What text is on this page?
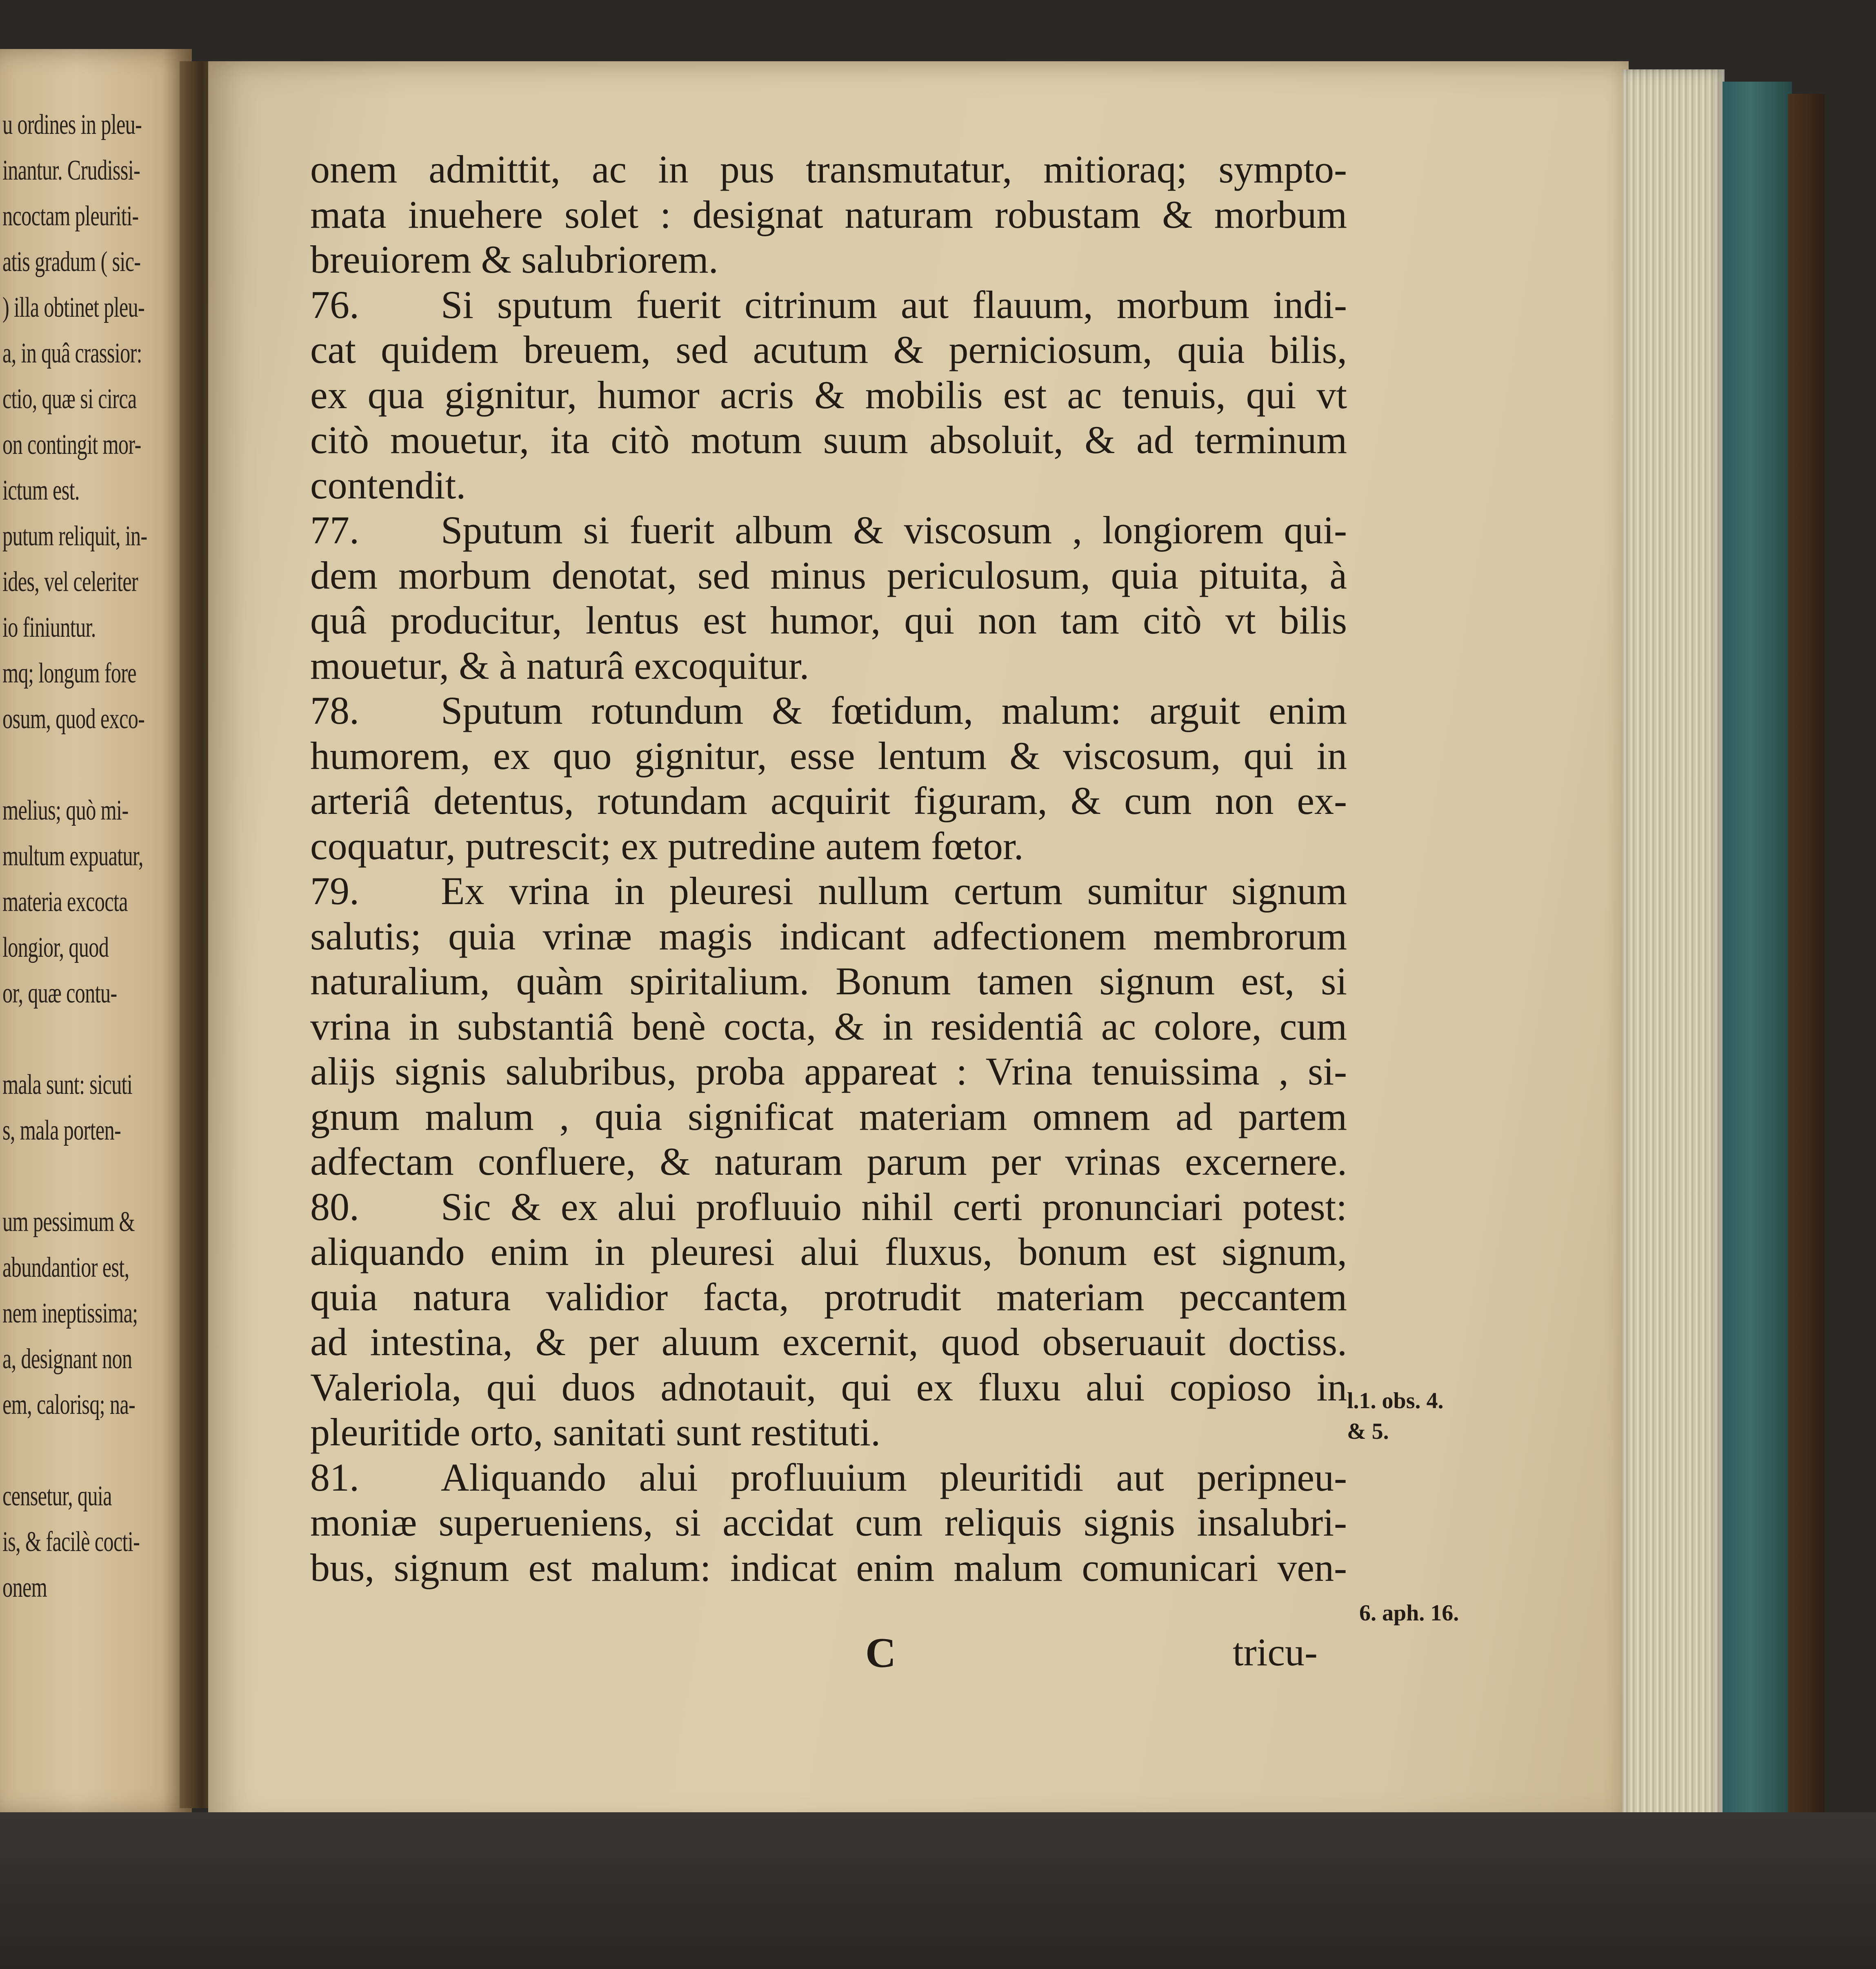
u ordines in pleu-
inantur. Crudissi-
ncoctam pleuriti-
atis gradum ( sic-
) illa obtinet pleu-
a, in quâ crassior:
ctio, quæ si circa
on contingit mor-
ictum est.
putum reliquit, in-
ides, vel celeriter
io finiuntur.
mq; longum fore
osum, quod exco-
melius; quò mi-
multum expuatur,
materia excocta
longior, quod
or, quæ contu-
mala sunt: sicuti
s, mala porten-
um pessimum &
abundantior est,
nem ineptissima;
a, designant non
em, calorisq; na-
censetur, quia
is, & facilè cocti-
onem
onem admittit, ac in pus transmutatur, mitioraq; sympto-
mata inuehere solet : designat naturam robustam & morbum
breuiorem & salubriorem.
76.	Si sputum fuerit citrinum aut flauum, morbum indi-
cat quidem breuem, sed acutum & perniciosum, quia bilis,
ex qua gignitur, humor acris & mobilis est ac tenuis, qui vt
citò mouetur, ita citò motum suum absoluit, & ad terminum
contendit.
77.	Sputum si fuerit album & viscosum , longiorem qui-
dem morbum denotat, sed minus periculosum, quia pituita, à
quâ producitur, lentus est humor, qui non tam citò vt bilis
mouetur, & à naturâ excoquitur.
78.	Sputum rotundum & fœtidum, malum: arguit enim
humorem, ex quo gignitur, esse lentum & viscosum, qui in
arteriâ detentus, rotundam acquirit figuram, & cum non ex-
coquatur, putrescit; ex putredine autem fœtor.
79.	Ex vrina in pleuresi nullum certum sumitur signum
salutis; quia vrinæ magis indicant adfectionem membrorum
naturalium, quàm spiritalium. Bonum tamen signum est, si
vrina in substantiâ benè cocta, & in residentiâ ac colore, cum
alijs signis salubribus, proba appareat : Vrina tenuissima , si-
gnum malum , quia significat materiam omnem ad partem
adfectam confluere, & naturam parum per vrinas excernere.
80.	Sic & ex alui profluuio nihil certi pronunciari potest:
aliquando enim in pleuresi alui fluxus, bonum est signum,
quia natura validior facta, protrudit materiam peccantem
ad intestina, & per aluum excernit, quod obseruauit doctiss.
Valeriola, qui duos adnotauit, qui ex fluxu alui copioso in
pleuritide orto, sanitati sunt restituti.
81.	Aliquando alui profluuium pleuritidi aut peripneu-
moniæ superueniens, si accidat cum reliquis signis insalubri-
bus, signum est malum: indicat enim malum comunicari ven-
l.1. obs. 4.
& 5.
6. aph. 16.
C	tricu-
